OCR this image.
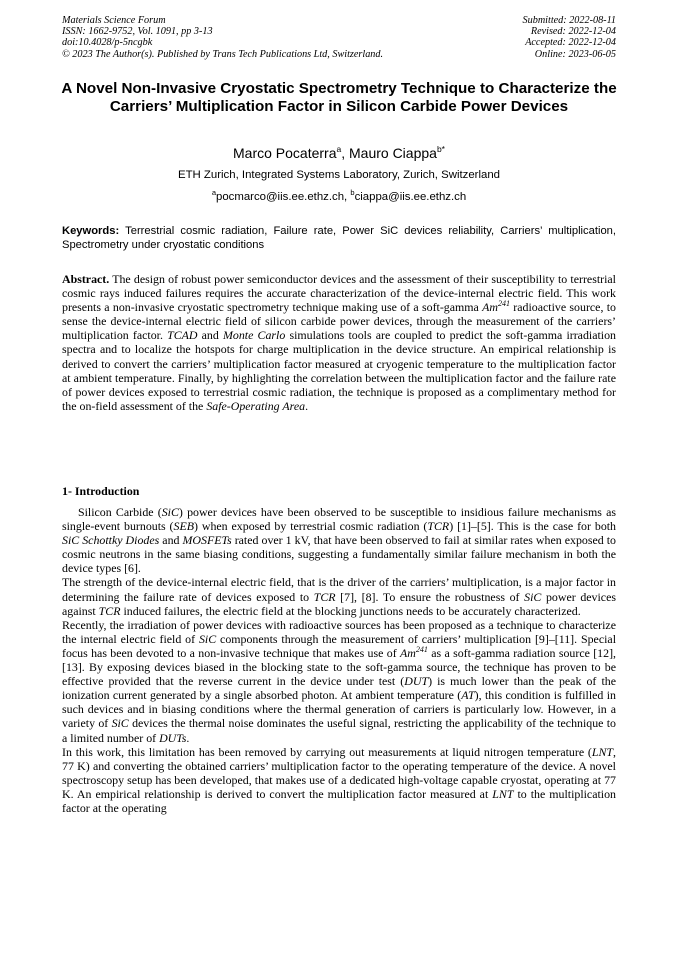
Materials Science Forum
ISSN: 1662-9752, Vol. 1091, pp 3-13
doi:10.4028/p-5ncgbk
© 2023 The Author(s). Published by Trans Tech Publications Ltd, Switzerland.
Submitted: 2022-08-11
Revised: 2022-12-04
Accepted: 2022-12-04
Online: 2023-06-05
A Novel Non-Invasive Cryostatic Spectrometry Technique to Characterize the Carriers’ Multiplication Factor in Silicon Carbide Power Devices
Marco Pocaterra$^a$, Mauro Ciappa$^{b*}$
ETH Zurich, Integrated Systems Laboratory, Zurich, Switzerland
$^a$pocmarco@iis.ee.ethz.ch, $^b$ciappa@iis.ee.ethz.ch
Keywords: Terrestrial cosmic radiation, Failure rate, Power SiC devices reliability, Carriers’ multiplication, Spectrometry under cryostatic conditions
Abstract. The design of robust power semiconductor devices and the assessment of their susceptibility to terrestrial cosmic rays induced failures requires the accurate characterization of the device-internal electric field. This work presents a non-invasive cryostatic spectrometry technique making use of a soft-gamma Am$^{241}$ radioactive source, to sense the device-internal electric field of silicon carbide power devices, through the measurement of the carriers’ multiplication factor. TCAD and Monte Carlo simulations tools are coupled to predict the soft-gamma irradiation spectra and to localize the hotspots for charge multiplication in the device structure. An empirical relationship is derived to convert the carriers’ multiplication factor measured at cryogenic temperature to the multiplication factor at ambient temperature. Finally, by highlighting the correlation between the multiplication factor and the failure rate of power devices exposed to terrestrial cosmic radiation, the technique is proposed as a complimentary method for the on-field assessment of the Safe-Operating Area.
1- Introduction

Silicon Carbide (SiC) power devices have been observed to be susceptible to insidious failure mechanisms as single-event burnouts (SEB) when exposed by terrestrial cosmic radiation (TCR) [1]–[5]. This is the case for both SiC Schottky Diodes and MOSFETs rated over 1 kV, that have been observed to fail at similar rates when exposed to cosmic neutrons in the same biasing conditions, suggesting a fundamentally similar failure mechanism in both the device types [6].

The strength of the device-internal electric field, that is the driver of the carriers’ multiplication, is a major factor in determining the failure rate of devices exposed to TCR [7], [8]. To ensure the robustness of SiC power devices against TCR induced failures, the electric field at the blocking junctions needs to be accurately characterized.

Recently, the irradiation of power devices with radioactive sources has been proposed as a technique to characterize the internal electric field of SiC components through the measurement of carriers’ multiplication [9]–[11]. Special focus has been devoted to a non-invasive technique that makes use of Am$^{241}$ as a soft-gamma radiation source [12], [13]. By exposing devices biased in the blocking state to the soft-gamma source, the technique has proven to be effective provided that the reverse current in the device under test (DUT) is much lower than the peak of the ionization current generated by a single absorbed photon. At ambient temperature (AT), this condition is fulfilled in such devices and in biasing conditions where the thermal generation of carriers is particularly low. However, in a variety of SiC devices the thermal noise dominates the useful signal, restricting the applicability of the technique to a limited number of DUTs.

In this work, this limitation has been removed by carrying out measurements at liquid nitrogen temperature (LNT, 77 K) and converting the obtained carriers’ multiplication factor to the operating temperature of the device. A novel spectroscopy setup has been developed, that makes use of a dedicated high-voltage capable cryostat, operating at 77 K. An empirical relationship is derived to convert the multiplication factor measured at LNT to the multiplication factor at the operating
